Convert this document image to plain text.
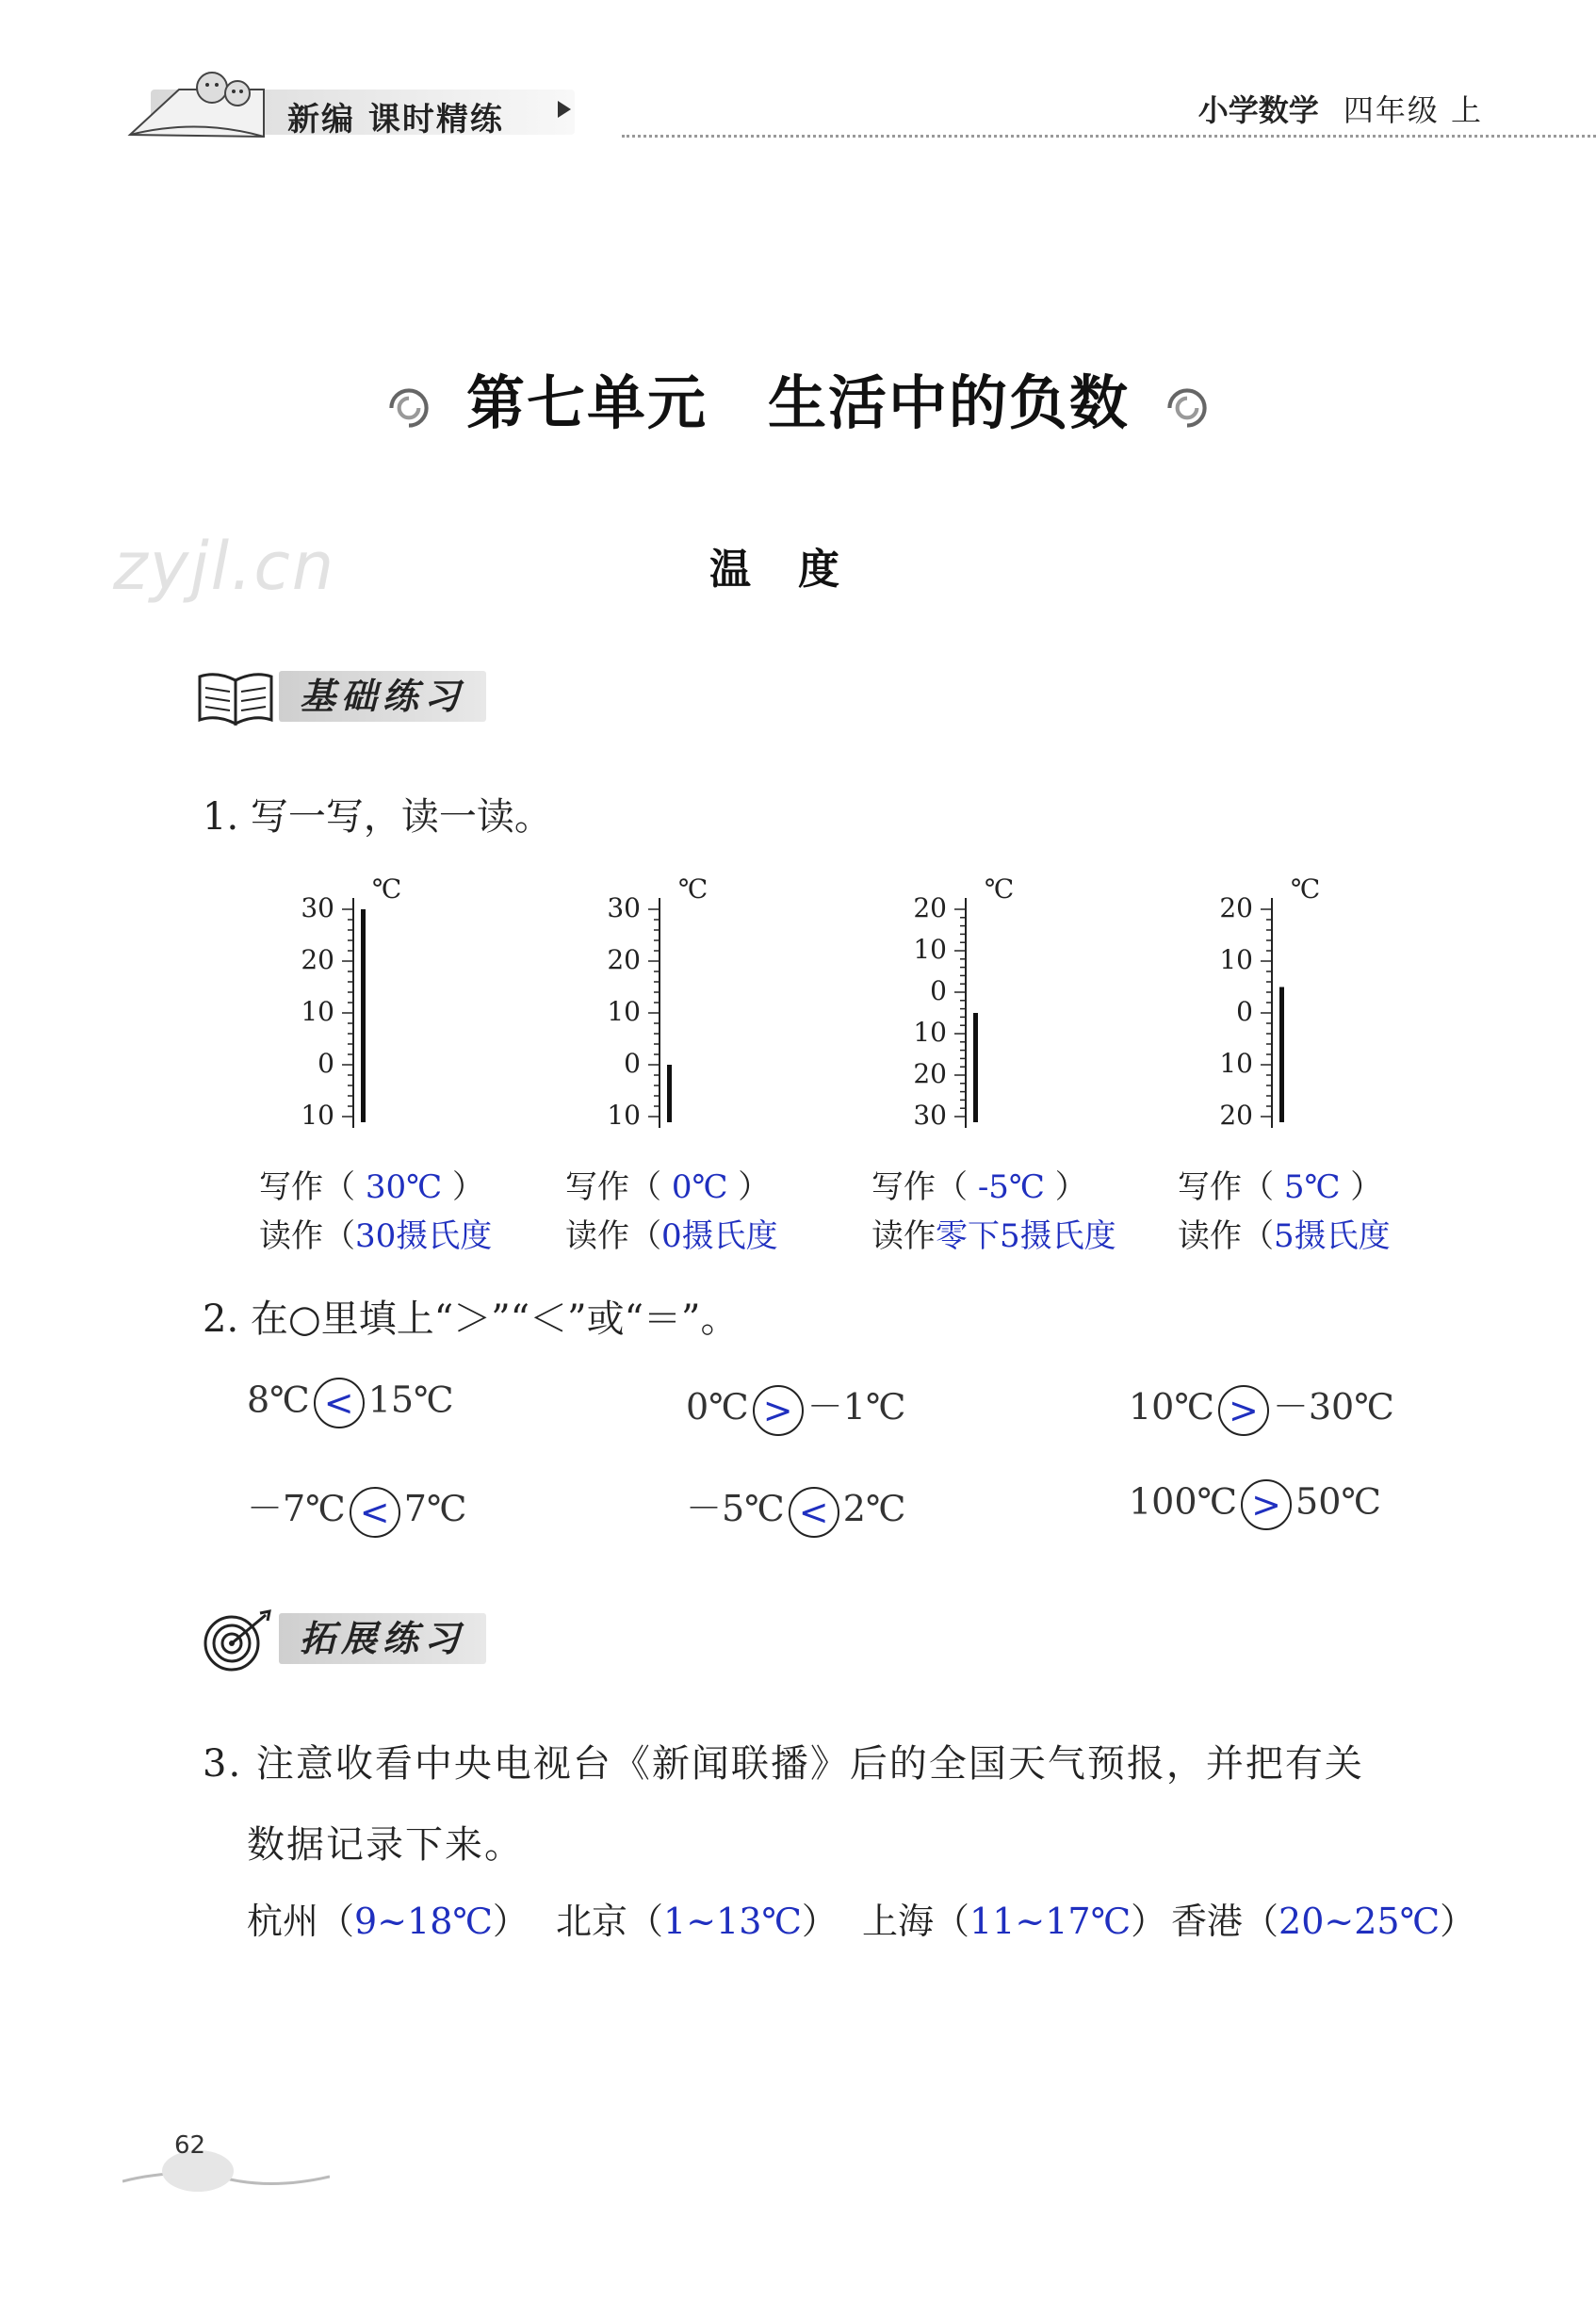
新编 课时精练	小学数学 四年级 上
第七单元　生活中的负数
zyjl.cn	温度
基础练习
1. 写一写，读一读。
30
20
10
0
10
℃
写作（ 30℃ ）
读作（30摄氏度
30
20
10
0
10
℃
写作（ 0℃ ）
读作（0摄氏度
20
10
0
10
20
30
℃
写作（ -5℃ ）
读作零下5摄氏度
20
10
0
10
20
℃
写作（ 5℃ ）
读作（5摄氏度
2. 在○里填上“＞”“＜”或“＝”。
8℃ < 15℃	0℃ > －1℃	10℃ > －30℃
－7℃ < 7℃	－5℃ < 2℃	100℃ > 50℃
拓展练习
3. 注意收看中央电视台《新闻联播》后的全国天气预报，并把有关
数据记录下来。
杭州（9~18℃） 北京（1~13℃） 上海（11~17℃） 香港（20~25℃）
62
